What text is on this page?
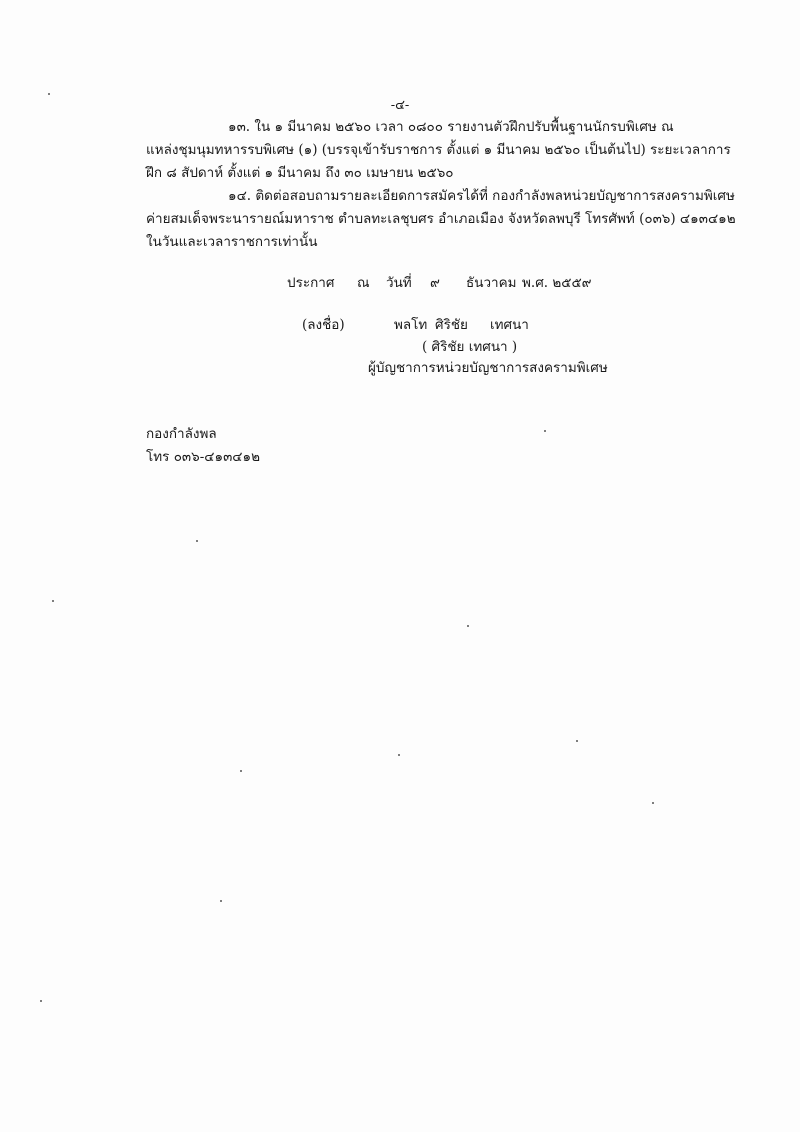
-๔-
๑๓. ใน ๑ มีนาคม ๒๕๖๐ เวลา ๐๘๐๐ รายงานตัวฝึกปรับพื้นฐานนักรบพิเศษ ณ
แหล่งชุมนุมทหารรบพิเศษ (๑) (บรรจุเข้ารับราชการ ตั้งแต่ ๑ มีนาคม ๒๕๖๐ เป็นต้นไป) ระยะเวลาการ
ฝึก ๘ สัปดาห์ ตั้งแต่ ๑ มีนาคม ถึง ๓๐ เมษายน ๒๕๖๐
๑๔. ติดต่อสอบถามรายละเอียดการสมัครได้ที่ กองกำลังพลหน่วยบัญชาการสงครามพิเศษ
ค่ายสมเด็จพระนารายณ์มหาราช ตำบลทะเลชุบศร อำเภอเมือง จังหวัดลพบุรี โทรศัพท์ (๐๓๖) ๔๑๓๔๑๒
ในวันและเวลาราชการเท่านั้น
ประกาศ ณ วันที่ ๙ ธันวาคม พ.ศ. ๒๕๕๙
(ลงชื่อ)	พลโท ศิริชัย เทศนา
( ศิริชัย เทศนา )
ผู้บัญชาการหน่วยบัญชาการสงครามพิเศษ
กองกำลังพล
โทร ๐๓๖-๔๑๓๔๑๒
